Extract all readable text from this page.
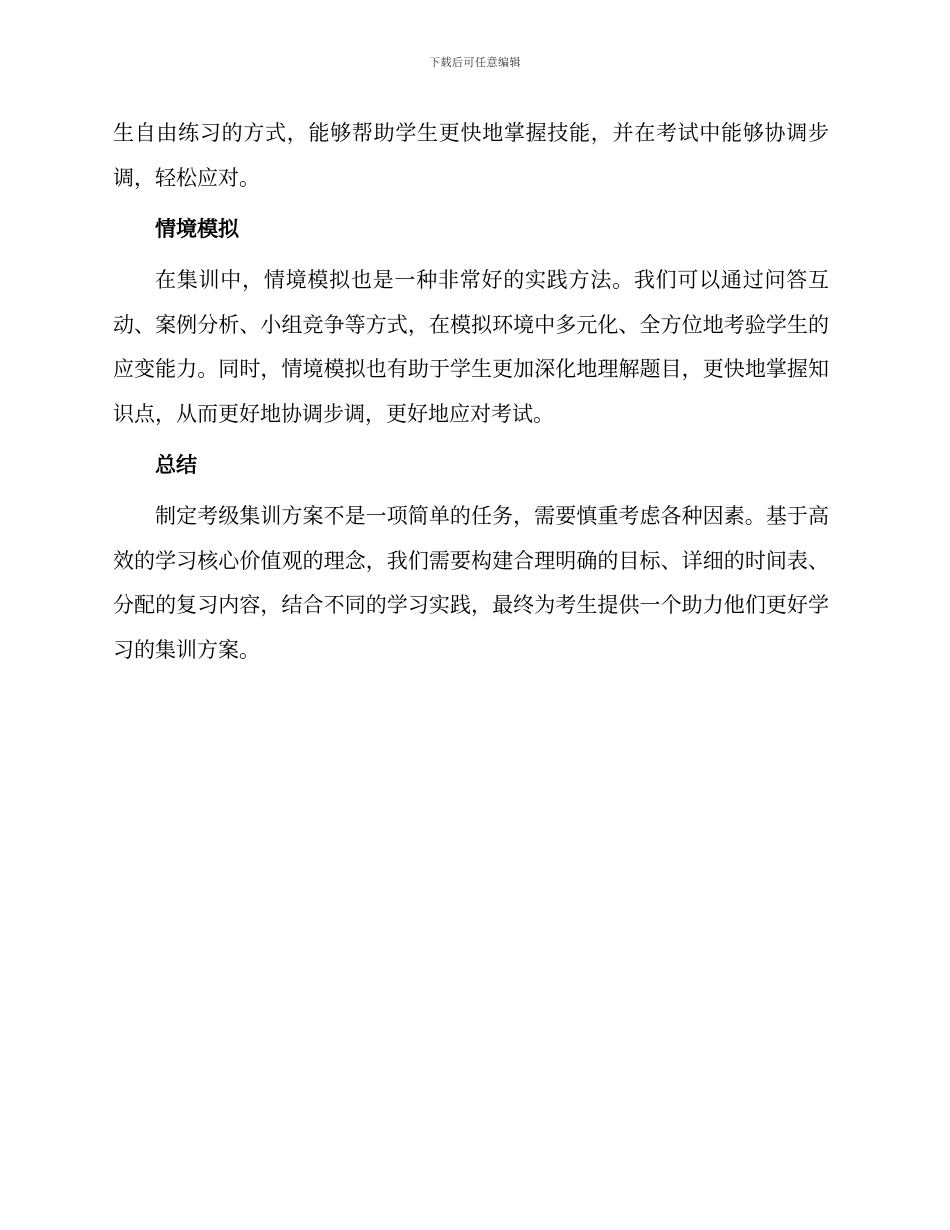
下载后可任意编辑

生自由练习的方式，能够帮助学生更快地掌握技能，并在考试中能够协调步调，轻松应对。

情境模拟

在集训中，情境模拟也是一种非常好的实践方法。我们可以通过问答互动、案例分析、小组竞争等方式，在模拟环境中多元化、全方位地考验学生的应变能力。同时，情境模拟也有助于学生更加深化地理解题目，更快地掌握知识点，从而更好地协调步调，更好地应对考试。

总结

制定考级集训方案不是一项简单的任务，需要慎重考虑各种因素。基于高效的学习核心价值观的理念，我们需要构建合理明确的目标、详细的时间表、分配的复习内容，结合不同的学习实践，最终为考生提供一个助力他们更好学习的集训方案。
